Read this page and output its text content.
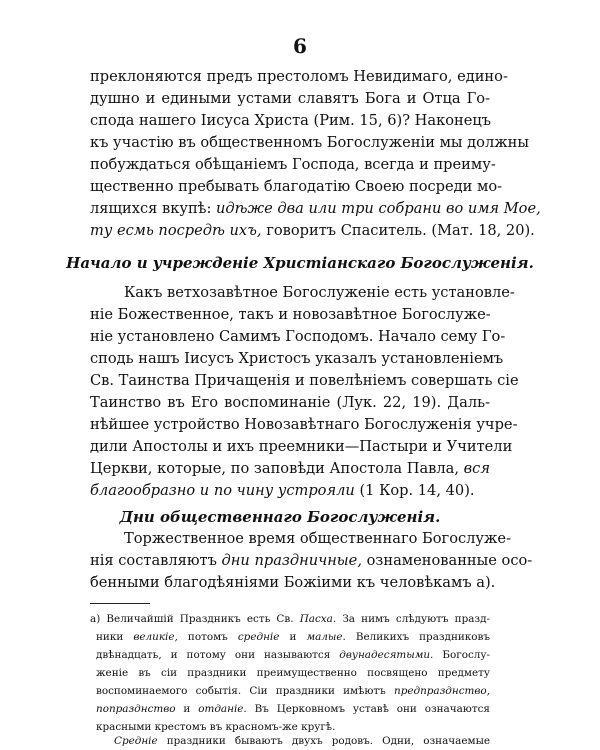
6
преклоняются предъ престоломъ Невидимаго, едино-
душно и едиными устами славятъ Бога и Отца Го-
спода нашего Іисуса Христа (Рим. 15, 6)? Наконецъ
къ участію въ общественномъ Богослуженіи мы должны
побуждаться обѣщаніемъ Господа, всегда и преиму-
щественно пребывать благодатію Своею посреди мо-
лящихся вкупѣ: идѣже два или три собрани во имя Мое,
ту есмь посредѣ ихъ, говоритъ Спаситель. (Мат. 18, 20).
Начало и учрежденіе Христіанскаго Богослуженія.
Какъ ветхозавѣтное Богослуженіе есть установле-
ніе Божественное, такъ и новозавѣтное Богослуже-
ніе установлено Самимъ Господомъ. Начало сему Го-
сподь нашъ Іисусъ Христосъ указалъ установленіемъ
Св. Таинства Причащенія и повелѣніемъ совершать сіе
Таинство въ Его воспоминаніе (Лук. 22, 19). Даль-
нѣйшее устройство Новозавѣтнаго Богослуженія учре-
дили Апостолы и ихъ преемники—Пастыри и Учители
Церкви, которые, по заповѣди Апостола Павла, вся
благообразно и по чину устрояли (1 Кор. 14, 40).
Дни общественнаго Богослуженія.
Торжественное время общественнаго Богослуже-
нія составляютъ дни праздничные, ознаменованные осо-
бенными благодѣяніями Божіими къ человѣкамъ а).
а) Величайшій Праздникъ есть Св. Пасха. За нимъ слѣдуютъ празд-
ники великіе, потомъ средніе и малые. Великихъ праздниковъ
двѣнадцать, и потому они называются двунадесятыми. Богослу-
женіе въ сіи праздники преимущественно посвящено предмету
воспоминаемого событія. Сіи праздники имѣютъ предпразднство,
попразднство и отданіе. Въ Церковномъ уставѣ они означаются
красными крестомъ въ красномъ-же кругѣ.
Средніе праздники бываютъ двухъ родовъ. Одни, означаемые
